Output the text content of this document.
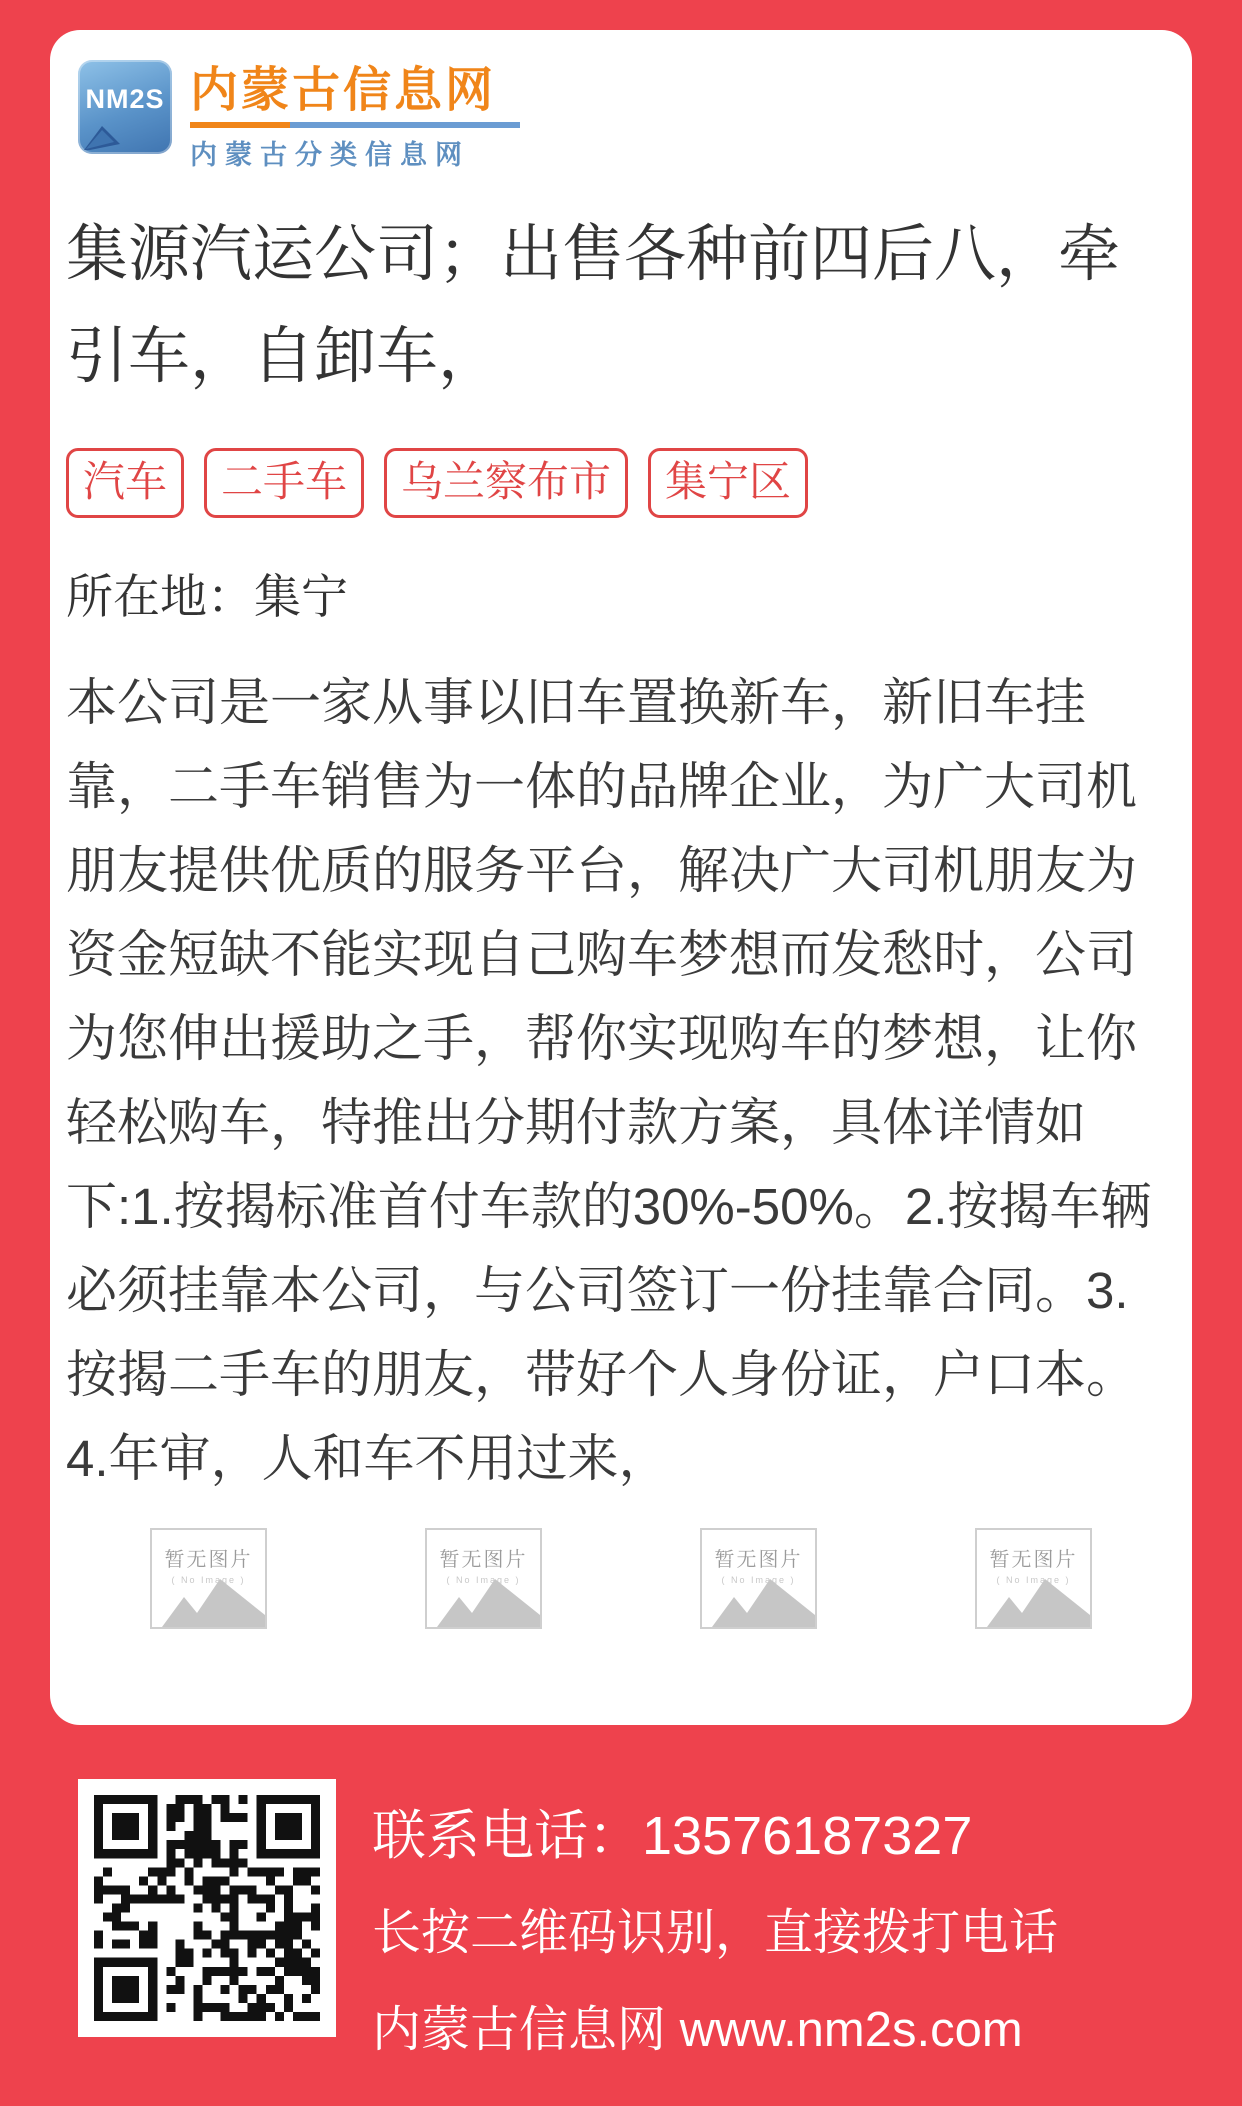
NM2S 内蒙古信息网
内蒙古分类信息网
集源汽运公司；出售各种前四后八，牵引车，自卸车，
汽车	二手车	乌兰察布市	集宁区
所在地：集宁
本公司是一家从事以旧车置换新车，新旧车挂靠，二手车销售为一体的品牌企业，为广大司机朋友提供优质的服务平台，解决广大司机朋友为资金短缺不能实现自己购车梦想而发愁时，公司为您伸出援助之手，帮你实现购车的梦想，让你轻松购车，特推出分期付款方案，具体详情如下:1.按揭标准首付车款的30%-50%。2.按揭车辆必须挂靠本公司，与公司签订一份挂靠合同。3.按揭二手车的朋友，带好个人身份证，户口本。4.年审，人和车不用过来，
暂无图片
( No Image )
暂无图片
( No Image )
暂无图片
( No Image )
暂无图片
( No Image )
联系电话：13576187327
长按二维码识别，直接拨打电话
内蒙古信息网 www.nm2s.com
